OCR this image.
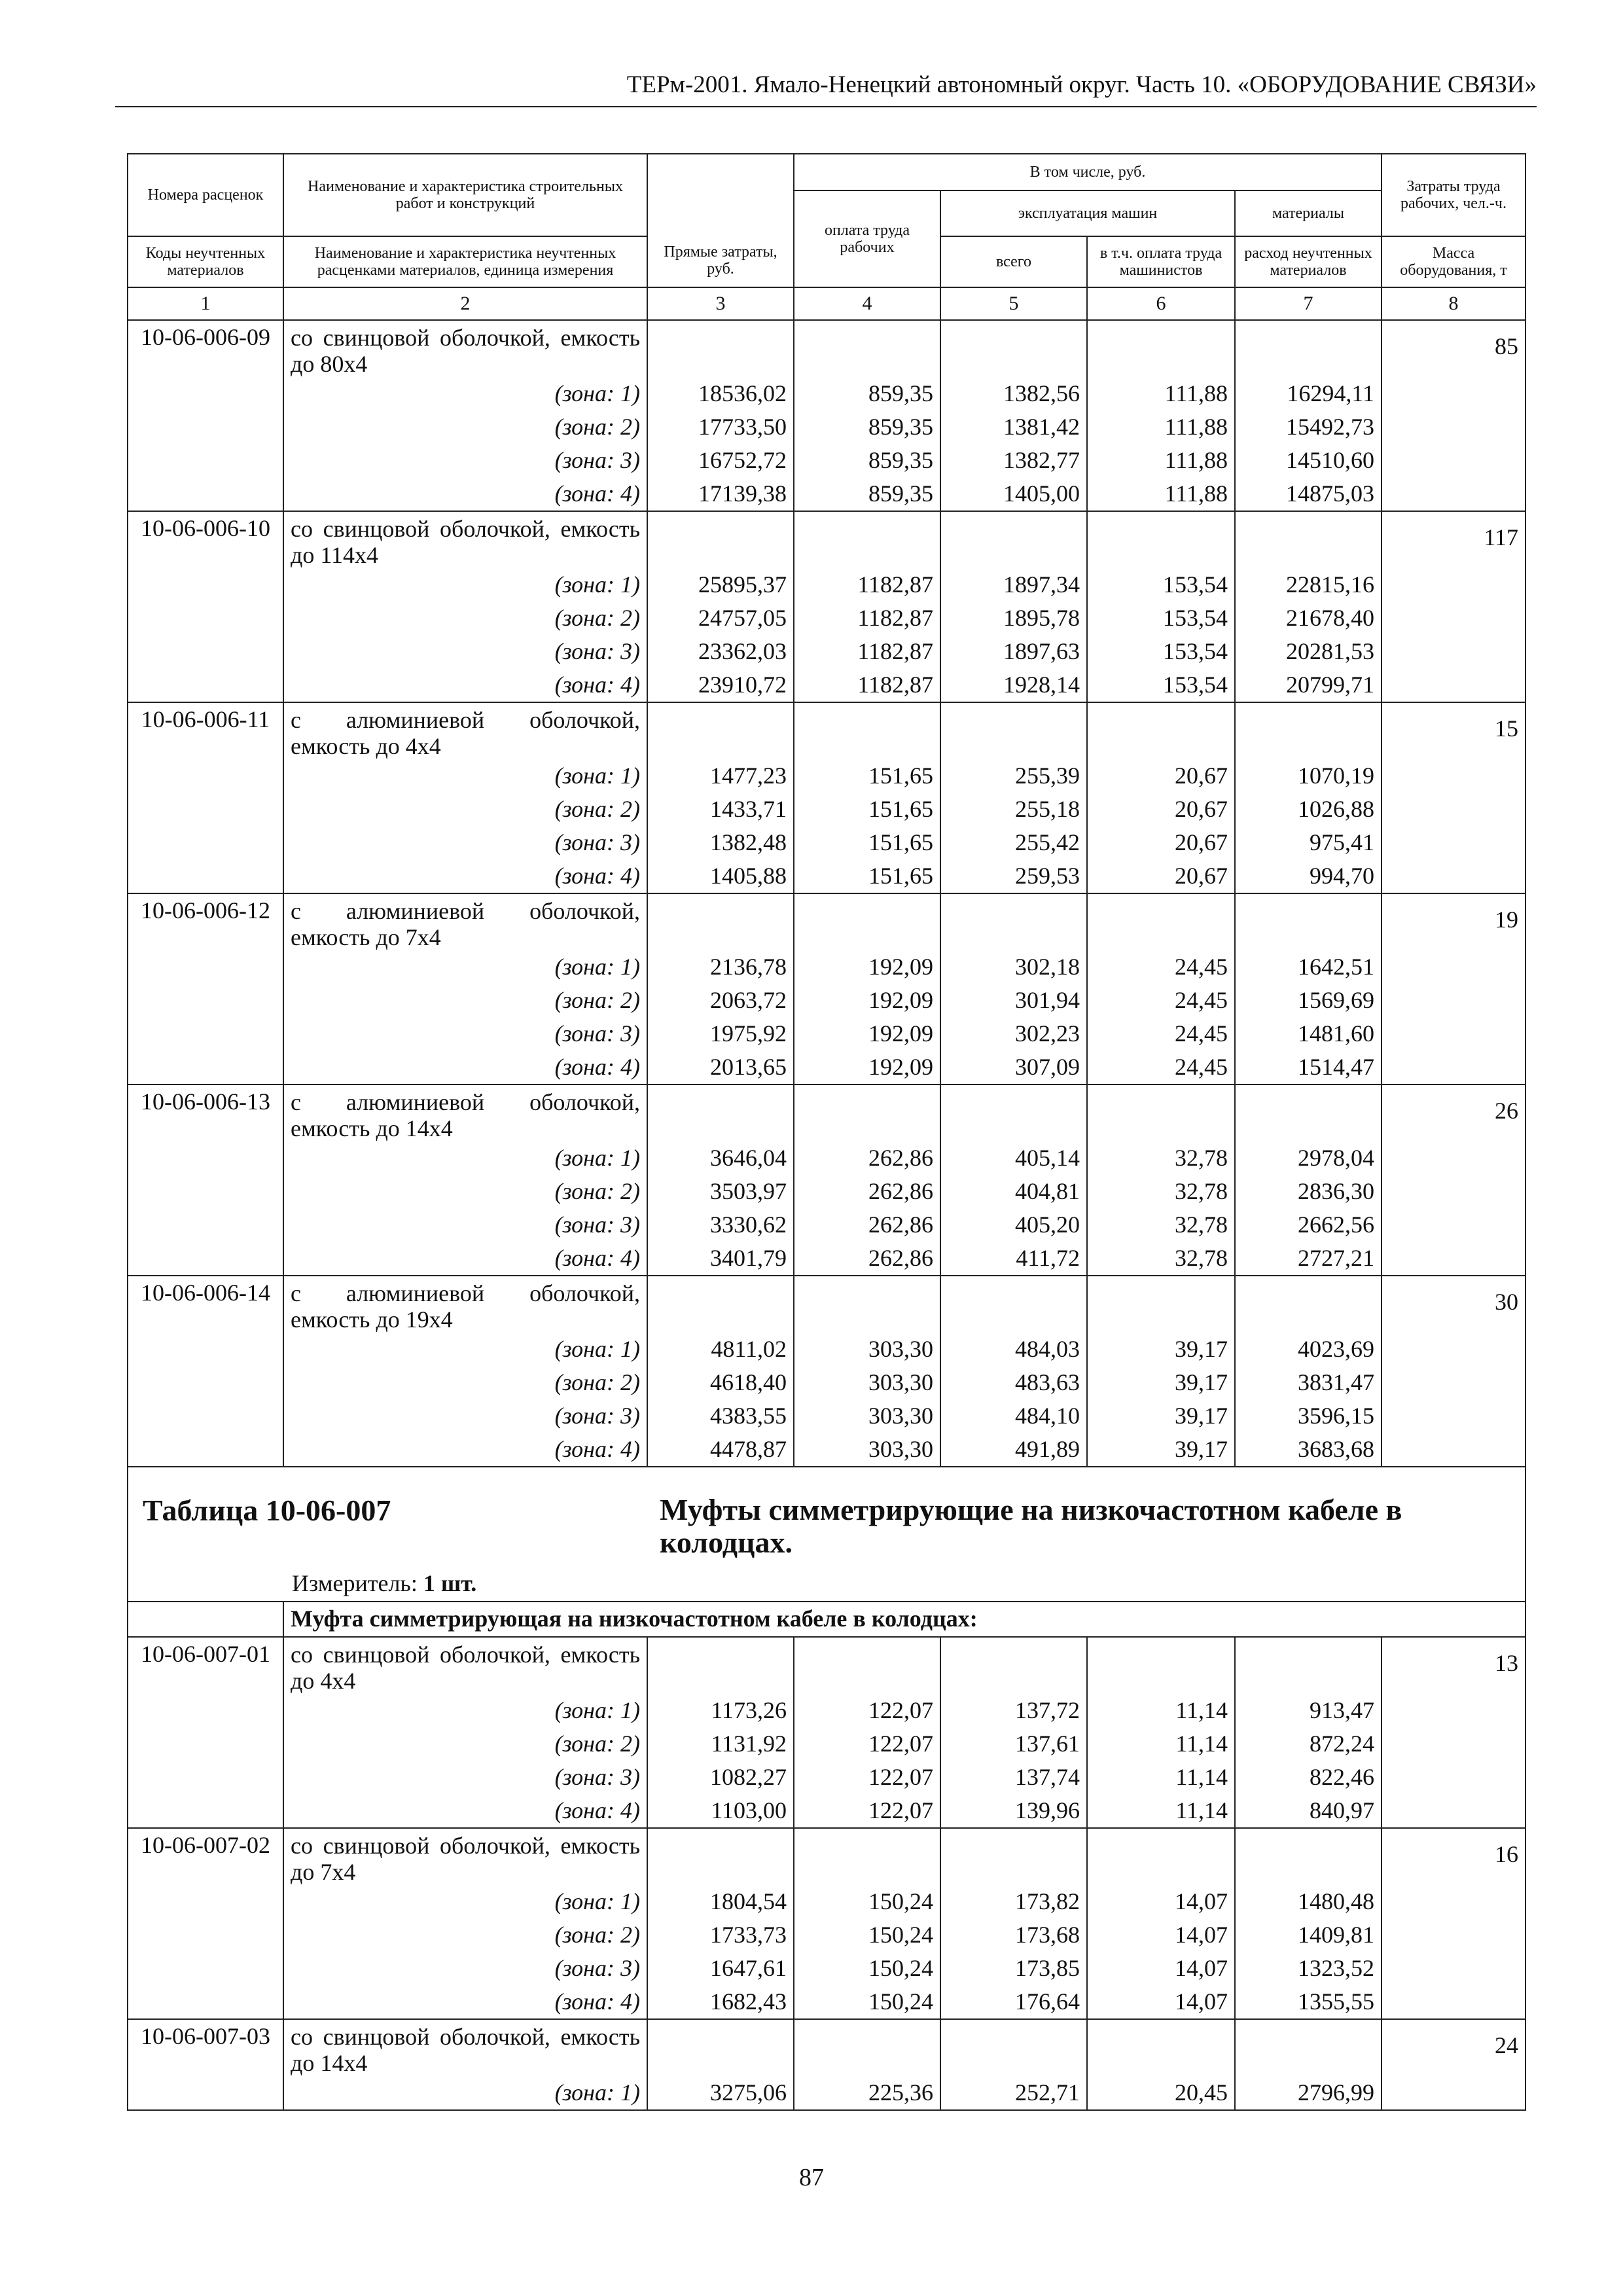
ТЕРм-2001. Ямало-Ненецкий автономный округ. Часть 10. «ОБОРУДОВАНИЕ СВЯЗИ»
Номера расценок	Наименование и характеристика строительных работ и конструкций	Прямые затраты, руб.	В том числе, руб.				Затраты труда рабочих, чел.-ч.
			оплата труда рабочих	эксплуатация машин		материалы	
Коды неучтенных материалов	Наименование и характеристика неучтенных расценками материалов, единица измерения			всего	в т.ч. оплата труда машинистов	расход неучтенных материалов	Масса оборудования, т
1	2	3	4	5	6	7	8
10-06-006-09	со свинцовой оболочкой, емкость до 80х4						85
	(зона: 1)	18536,02	859,35	1382,56	111,88	16294,11	
	(зона: 2)	17733,50	859,35	1381,42	111,88	15492,73	
	(зона: 3)	16752,72	859,35	1382,77	111,88	14510,60	
	(зона: 4)	17139,38	859,35	1405,00	111,88	14875,03	
10-06-006-10	со свинцовой оболочкой, емкость до 114х4						117
	(зона: 1)	25895,37	1182,87	1897,34	153,54	22815,16	
	(зона: 2)	24757,05	1182,87	1895,78	153,54	21678,40	
	(зона: 3)	23362,03	1182,87	1897,63	153,54	20281,53	
	(зона: 4)	23910,72	1182,87	1928,14	153,54	20799,71	
10-06-006-11	с алюминиевой оболочкой, емкость до 4х4						15
	(зона: 1)	1477,23	151,65	255,39	20,67	1070,19	
	(зона: 2)	1433,71	151,65	255,18	20,67	1026,88	
	(зона: 3)	1382,48	151,65	255,42	20,67	975,41	
	(зона: 4)	1405,88	151,65	259,53	20,67	994,70	
10-06-006-12	с алюминиевой оболочкой, емкость до 7х4						19
	(зона: 1)	2136,78	192,09	302,18	24,45	1642,51	
	(зона: 2)	2063,72	192,09	301,94	24,45	1569,69	
	(зона: 3)	1975,92	192,09	302,23	24,45	1481,60	
	(зона: 4)	2013,65	192,09	307,09	24,45	1514,47	
10-06-006-13	с алюминиевой оболочкой, емкость до 14х4						26
	(зона: 1)	3646,04	262,86	405,14	32,78	2978,04	
	(зона: 2)	3503,97	262,86	404,81	32,78	2836,30	
	(зона: 3)	3330,62	262,86	405,20	32,78	2662,56	
	(зона: 4)	3401,79	262,86	411,72	32,78	2727,21	
10-06-006-14	с алюминиевой оболочкой, емкость до 19х4						30
	(зона: 1)	4811,02	303,30	484,03	39,17	4023,69	
	(зона: 2)	4618,40	303,30	483,63	39,17	3831,47	
	(зона: 3)	4383,55	303,30	484,10	39,17	3596,15	
	(зона: 4)	4478,87	303,30	491,89	39,17	3683,68	

Таблица 10-06-007 Муфты симметрирующие на низкочастотном кабеле в колодцах.
Измеритель: 1 шт.							

	Муфта симметрирующая на низкочастотном кабеле в колодцах:						
10-06-007-01	со свинцовой оболочкой, емкость до 4х4						13
	(зона: 1)	1173,26	122,07	137,72	11,14	913,47	
	(зона: 2)	1131,92	122,07	137,61	11,14	872,24	
	(зона: 3)	1082,27	122,07	137,74	11,14	822,46	
	(зона: 4)	1103,00	122,07	139,96	11,14	840,97	
10-06-007-02	со свинцовой оболочкой, емкость до 7х4						16
	(зона: 1)	1804,54	150,24	173,82	14,07	1480,48	
	(зона: 2)	1733,73	150,24	173,68	14,07	1409,81	
	(зона: 3)	1647,61	150,24	173,85	14,07	1323,52	
	(зона: 4)	1682,43	150,24	176,64	14,07	1355,55	
10-06-007-03	со свинцовой оболочкой, емкость до 14х4						24
	(зона: 1)	3275,06	225,36	252,71	20,45	2796,99	
87
